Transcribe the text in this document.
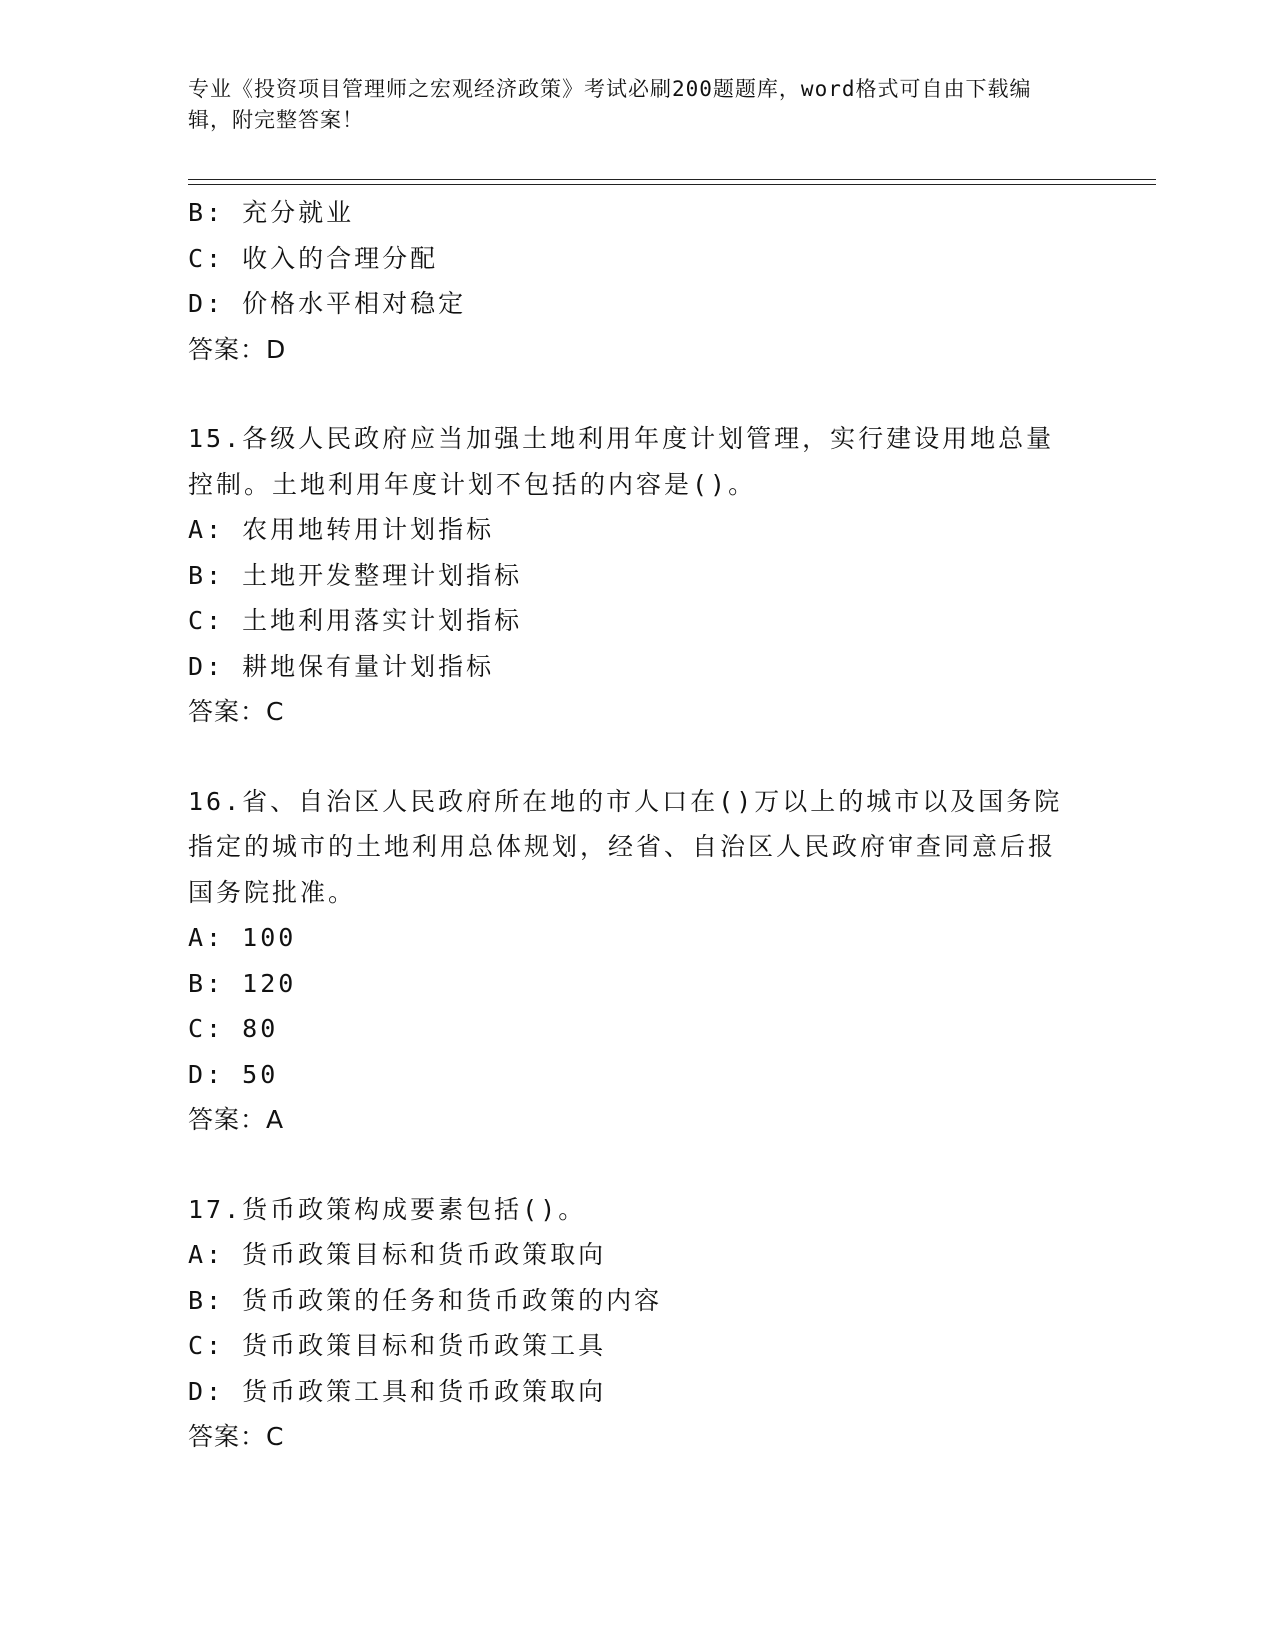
专业《投资项目管理师之宏观经济政策》考试必刷200题题库，word格式可自由下载编辑，附完整答案！
B: 充分就业
C: 收入的合理分配
D: 价格水平相对稳定
答案：D
15.各级人民政府应当加强土地利用年度计划管理，实行建设用地总量控制。土地利用年度计划不包括的内容是()。
A: 农用地转用计划指标
B: 土地开发整理计划指标
C: 土地利用落实计划指标
D: 耕地保有量计划指标
答案：C
16.省、自治区人民政府所在地的市人口在()万以上的城市以及国务院指定的城市的土地利用总体规划，经省、自治区人民政府审查同意后报国务院批准。
A: 100
B: 120
C: 80
D: 50
答案：A
17.货币政策构成要素包括()。
A: 货币政策目标和货币政策取向
B: 货币政策的任务和货币政策的内容
C: 货币政策目标和货币政策工具
D: 货币政策工具和货币政策取向
答案：C
